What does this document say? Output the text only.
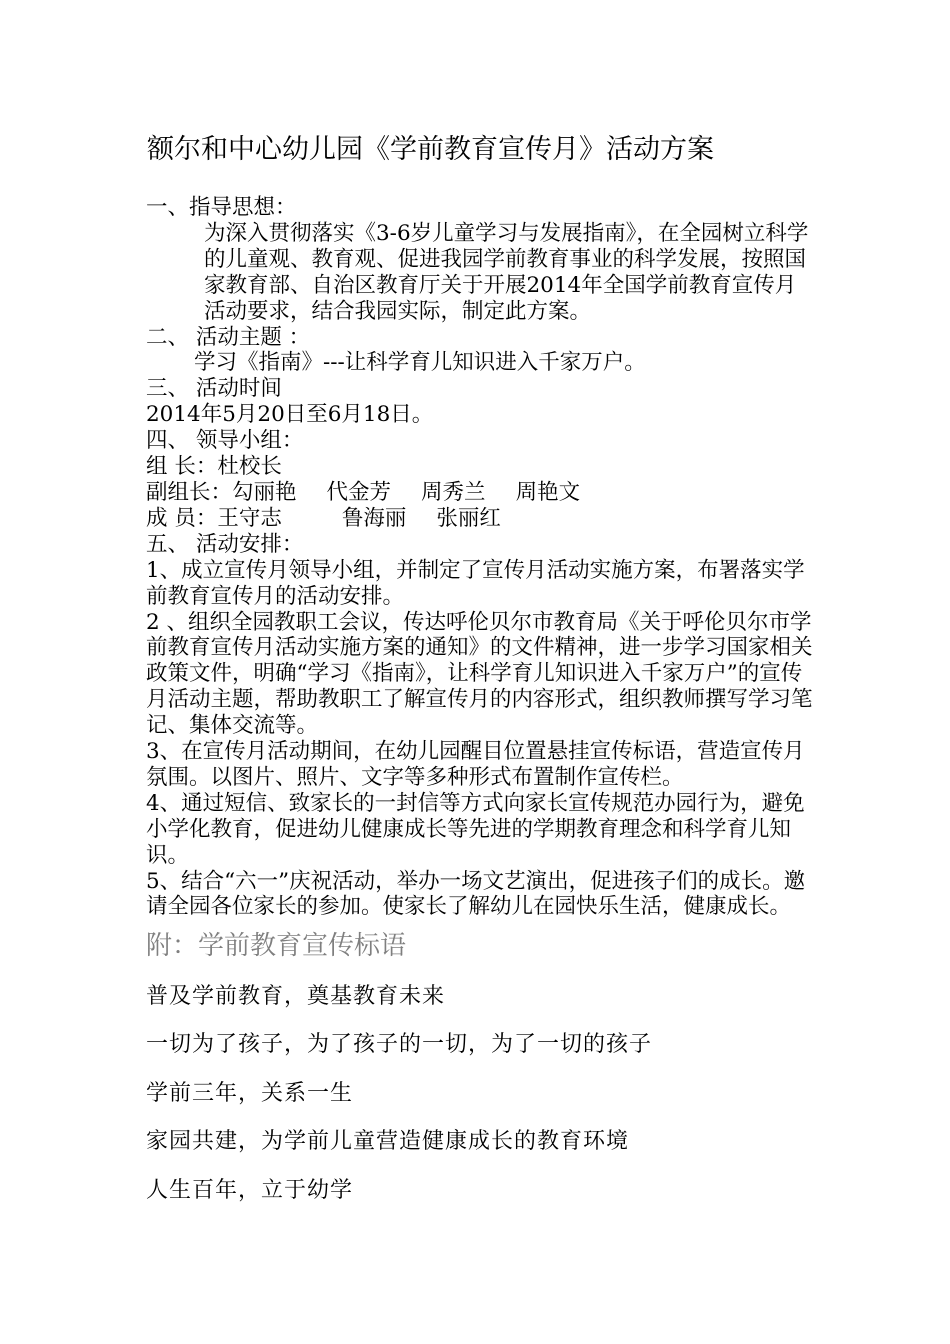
额尔和中心幼儿园《学前教育宣传月》活动方案
一、指导思想：
为深入贯彻落实《3-6岁儿童学习与发展指南》，在全园树立科学的儿童观、教育观、促进我园学前教育事业的科学发展，按照国家教育部、自治区教育厅关于开展2014年全国学前教育宣传月活动要求，结合我园实际，制定此方案。
二、 活动主题 ：
学习《指南》---让科学育儿知识进入千家万户。
三、 活动时间
2014年5月20日至6月18日。
四、 领导小组：
组 长：杜校长
副组长：勾丽艳 代金芳 周秀兰 周艳文
成 员：王守志	鲁海丽 张丽红
五、 活动安排：
1、成立宣传月领导小组，并制定了宣传月活动实施方案，布署落实学前教育宣传月的活动安排。
2 、组织全园教职工会议，传达呼伦贝尔市教育局《关于呼伦贝尔市学前教育宣传月活动实施方案的通知》的文件精神，进一步学习国家相关政策文件，明确“学习《指南》，让科学育儿知识进入千家万户”的宣传月活动主题，帮助教职工了解宣传月的内容形式，组织教师撰写学习笔记、集体交流等。
3、在宣传月活动期间，在幼儿园醒目位置悬挂宣传标语，营造宣传月氛围。以图片、照片、文字等多种形式布置制作宣传栏。
4、通过短信、致家长的一封信等方式向家长宣传规范办园行为，避免小学化教育，促进幼儿健康成长等先进的学期教育理念和科学育儿知识。
5、结合“六一”庆祝活动，举办一场文艺演出，促进孩子们的成长。邀请全园各位家长的参加。使家长了解幼儿在园快乐生活，健康成长。
附：学前教育宣传标语
普及学前教育，奠基教育未来
一切为了孩子，为了孩子的一切，为了一切的孩子
学前三年，关系一生
家园共建，为学前儿童营造健康成长的教育环境
人生百年，立于幼学
